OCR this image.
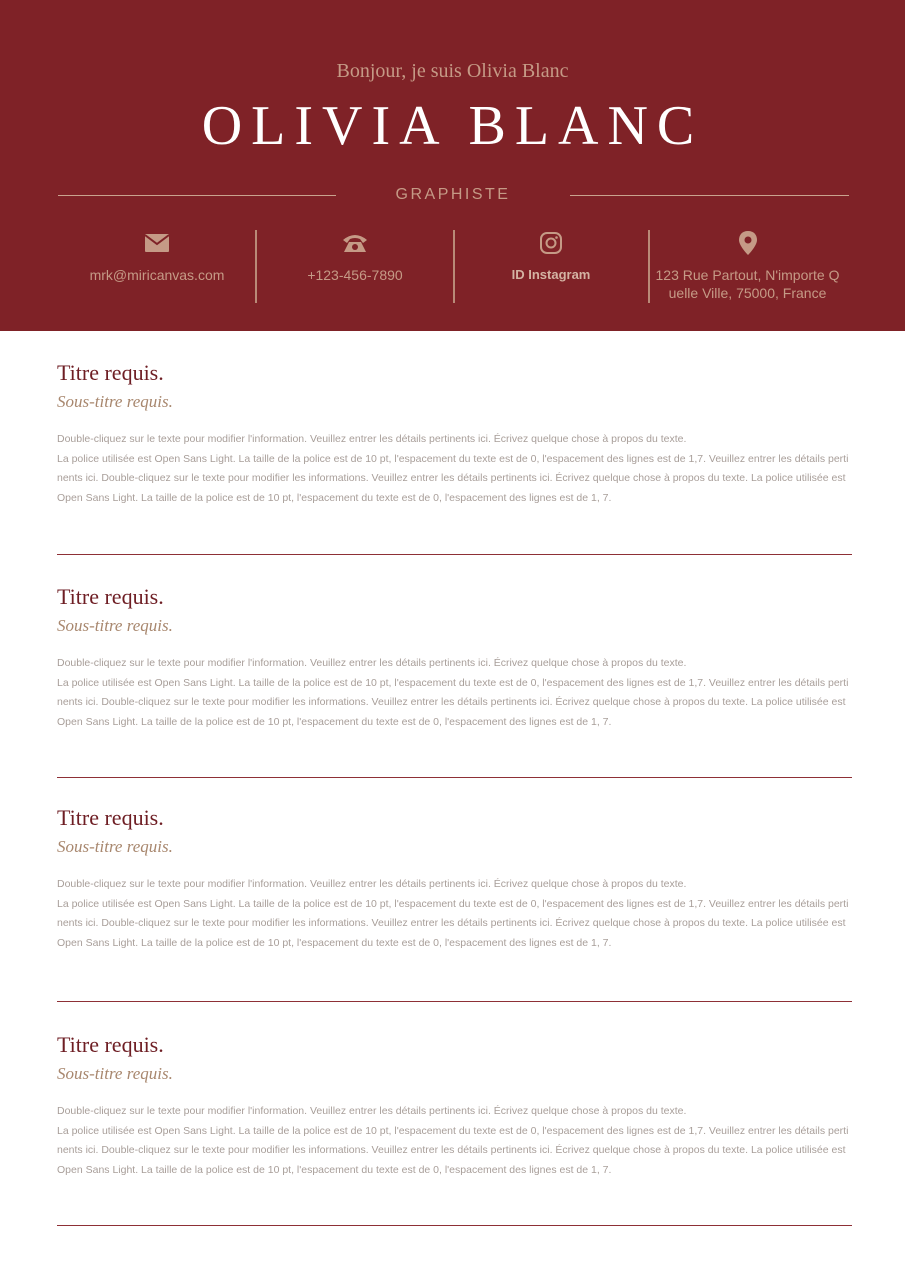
Bonjour, je suis Olivia Blanc
OLIVIA BLANC
GRAPHISTE
mrk@miricanvas.com	+123-456-7890	ID Instagram	123 Rue Partout, N'importe Q uelle Ville, 75000, France
Titre requis.
Sous-titre requis.

Double-cliquez sur le texte pour modifier l'information. Veuillez entrer les détails pertinents ici. Écrivez quelque chose à propos du texte.

La police utilisée est Open Sans Light. La taille de la police est de 10 pt, l'espacement du texte est de 0, l'espacement des lignes est de 1,7. Veuillez entrer les détails pertinents ici. Double-cliquez sur le texte pour modifier les informations. Veuillez entrer les détails pertinents ici. Écrivez quelque chose à propos du texte. La police utilisée est Open Sans Light. La taille de la police est de 10 pt, l'espacement du texte est de 0, l'espacement des lignes est de 1, 7.

Titre requis.
Sous-titre requis.

Double-cliquez sur le texte pour modifier l'information. Veuillez entrer les détails pertinents ici. Écrivez quelque chose à propos du texte.

La police utilisée est Open Sans Light. La taille de la police est de 10 pt, l'espacement du texte est de 0, l'espacement des lignes est de 1,7. Veuillez entrer les détails pertinents ici. Double-cliquez sur le texte pour modifier les informations. Veuillez entrer les détails pertinents ici. Écrivez quelque chose à propos du texte. La police utilisée est Open Sans Light. La taille de la police est de 10 pt, l'espacement du texte est de 0, l'espacement des lignes est de 1, 7.

Titre requis.
Sous-titre requis.

Double-cliquez sur le texte pour modifier l'information. Veuillez entrer les détails pertinents ici. Écrivez quelque chose à propos du texte.

La police utilisée est Open Sans Light. La taille de la police est de 10 pt, l'espacement du texte est de 0, l'espacement des lignes est de 1,7. Veuillez entrer les détails pertinents ici. Double-cliquez sur le texte pour modifier les informations. Veuillez entrer les détails pertinents ici. Écrivez quelque chose à propos du texte. La police utilisée est Open Sans Light. La taille de la police est de 10 pt, l'espacement du texte est de 0, l'espacement des lignes est de 1, 7.

Titre requis.
Sous-titre requis.

Double-cliquez sur le texte pour modifier l'information. Veuillez entrer les détails pertinents ici. Écrivez quelque chose à propos du texte.

La police utilisée est Open Sans Light. La taille de la police est de 10 pt, l'espacement du texte est de 0, l'espacement des lignes est de 1,7. Veuillez entrer les détails pertinents ici. Double-cliquez sur le texte pour modifier les informations. Veuillez entrer les détails pertinents ici. Écrivez quelque chose à propos du texte. La police utilisée est Open Sans Light. La taille de la police est de 10 pt, l'espacement du texte est de 0, l'espacement des lignes est de 1, 7.
